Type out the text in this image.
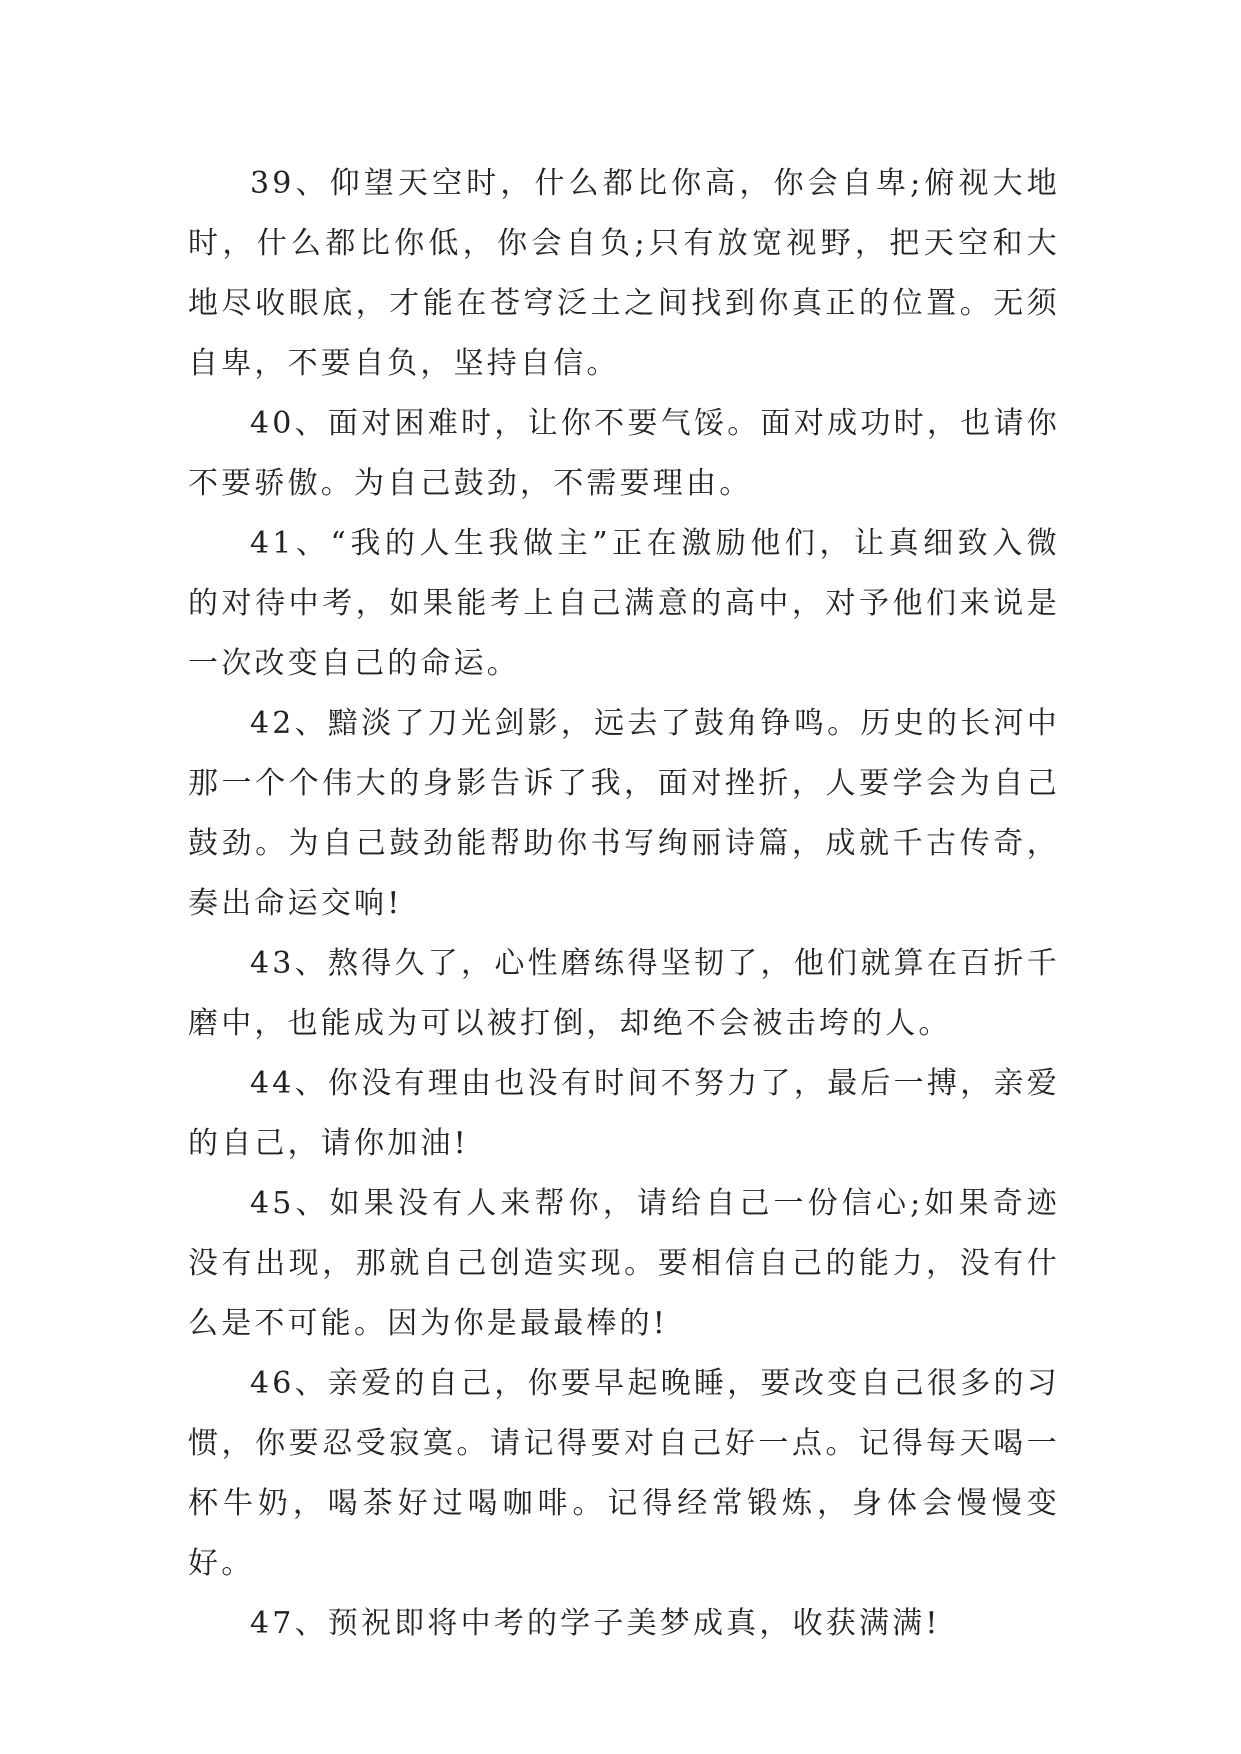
39、仰望天空时，什么都比你高，你会自卑;俯视大地时，什么都比你低，你会自负;只有放宽视野，把天空和大地尽收眼底，才能在苍穹泛土之间找到你真正的位置。无须自卑，不要自负，坚持自信。

40、面对困难时，让你不要气馁。面对成功时，也请你不要骄傲。为自己鼓劲，不需要理由。

41、“我的人生我做主”正在激励他们，让真细致入微的对待中考，如果能考上自己满意的高中，对予他们来说是一次改变自己的命运。

42、黯淡了刀光剑影，远去了鼓角铮鸣。历史的长河中那一个个伟大的身影告诉了我，面对挫折，人要学会为自己鼓劲。为自己鼓劲能帮助你书写绚丽诗篇，成就千古传奇，奏出命运交响!

43、熬得久了，心性磨练得坚韧了，他们就算在百折千磨中，也能成为可以被打倒，却绝不会被击垮的人。

44、你没有理由也没有时间不努力了，最后一搏，亲爱的自己，请你加油!

45、如果没有人来帮你，请给自己一份信心;如果奇迹没有出现，那就自己创造实现。要相信自己的能力，没有什么是不可能。因为你是最最棒的!

46、亲爱的自己，你要早起晚睡，要改变自己很多的习惯，你要忍受寂寞。请记得要对自己好一点。记得每天喝一杯牛奶，喝茶好过喝咖啡。记得经常锻炼，身体会慢慢变好。

47、预祝即将中考的学子美梦成真，收获满满!
